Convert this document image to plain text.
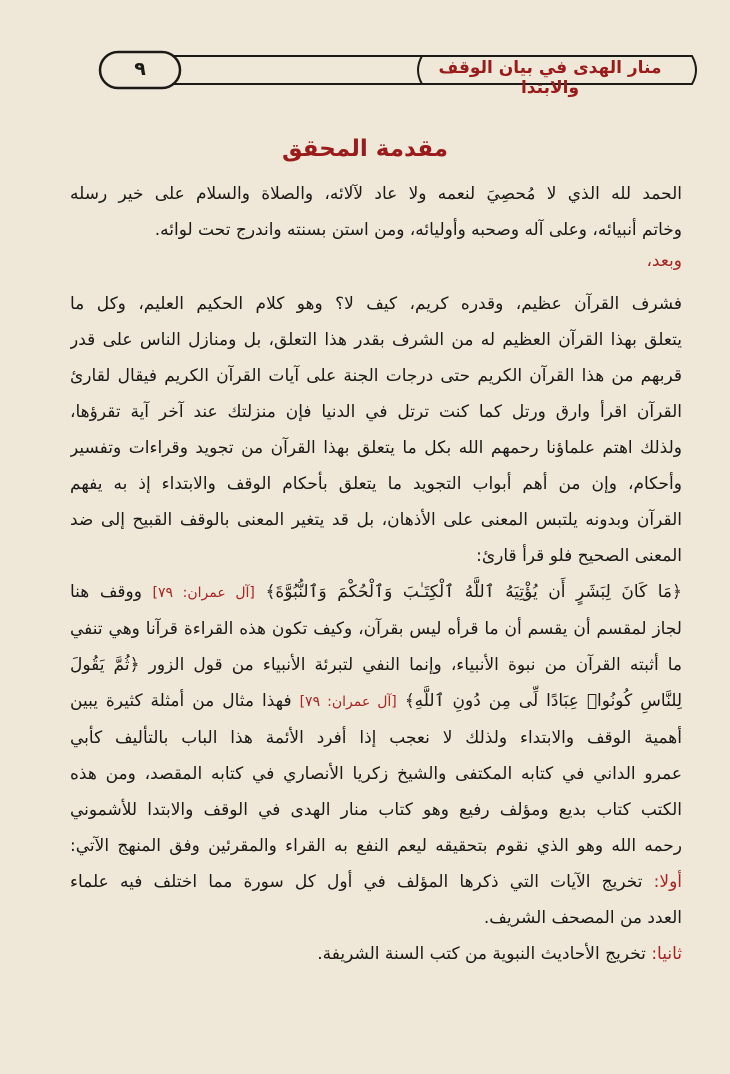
منار الهدى في بيان الوقف والابتدا
٩
مقدمة المحقق
الحمد لله الذي لا مُحصِيَ لنعمه ولا عاد لآلائه، والصلاة والسلام على خير رسله
وخاتم أنبيائه، وعلى آله وصحبه وأوليائه، ومن استن بسنته واندرج تحت لوائه.
وبعد،
فشرف القرآن عظيم، وقدره كريم، كيف لا؟ وهو كلام الحكيم العليم، وكل ما
يتعلق بهذا القرآن العظيم له من الشرف بقدر هذا التعلق، بل ومنازل الناس على قدر
قربهم من هذا القرآن الكريم حتى درجات الجنة على آيات القرآن الكريم فيقال لقارئ
القرآن اقرأ وارق ورتل كما كنت ترتل في الدنيا فإن منزلتك عند آخر آية تقرؤها،
ولذلك اهتم علماؤنا رحمهم الله بكل ما يتعلق بهذا القرآن من تجويد وقراءات وتفسير
وأحكام، وإن من أهم أبواب التجويد ما يتعلق بأحكام الوقف والابتداء إذ به يفهم
القرآن وبدونه يلتبس المعنى على الأذهان، بل قد يتغير المعنى بالوقف القبيح إلى ضد
المعنى الصحيح فلو قرأ قارئ:
﴿مَا كَانَ لِبَشَرٍ أَن يُؤْتِيَهُ ٱللَّهُ ٱلْكِتَـٰبَ وَٱلْحُكْمَ وَٱلنُّبُوَّةَ﴾ [آل عمران: ٧٩] ووقف هنا
لجاز لمقسم أن يقسم أن ما قرأه ليس بقرآن، وكيف تكون هذه القراءة قرآنا وهي تنفي
ما أثبته القرآن من نبوة الأنبياء، وإنما النفي لتبرئة الأنبياء من قول الزور ﴿ثُمَّ يَقُولَ
لِلنَّاسِ كُونُوا۟ عِبَادًا لِّى مِن دُونِ ٱللَّهِ﴾ [آل عمران: ٧٩] فهذا مثال من أمثلة كثيرة يبين
أهمية الوقف والابتداء ولذلك لا نعجب إذا أفرد الأئمة هذا الباب بالتأليف كأبي
عمرو الداني في كتابه المكتفى والشيخ زكريا الأنصاري في كتابه المقصد، ومن هذه
الكتب كتاب بديع ومؤلف رفيع وهو كتاب منار الهدى في الوقف والابتدا للأشموني
رحمه الله وهو الذي نقوم بتحقيقه ليعم النفع به القراء والمقرئين وفق المنهج الآتي:
أولا: تخريج الآيات التي ذكرها المؤلف في أول كل سورة مما اختلف فيه علماء
العدد من المصحف الشريف.
ثانيا: تخريج الأحاديث النبوية من كتب السنة الشريفة.
